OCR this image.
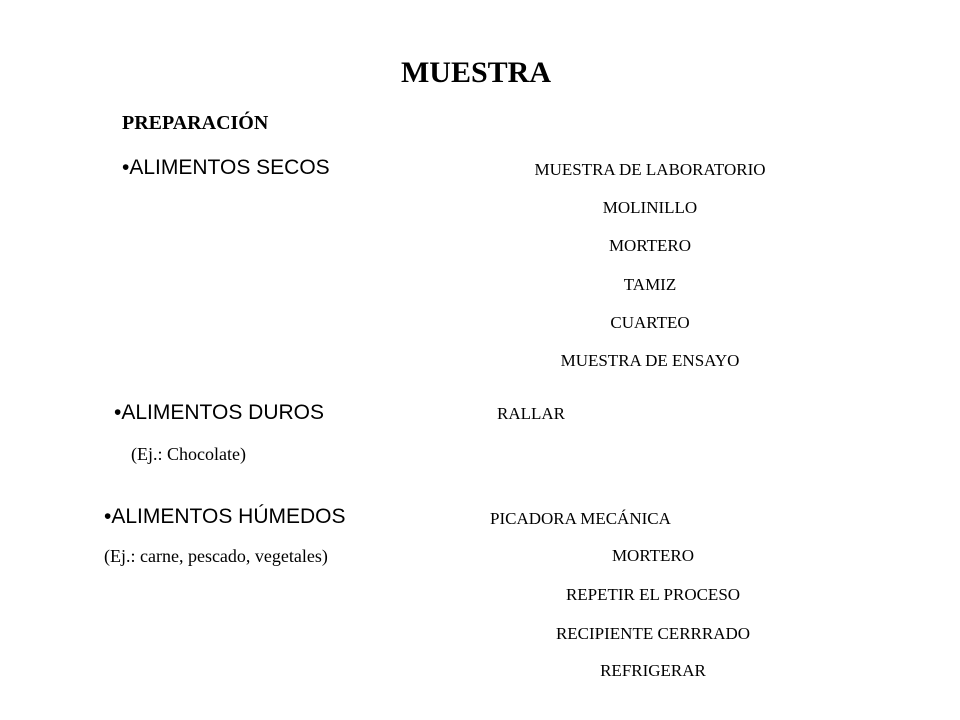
MUESTRA
PREPARACIÓN
•ALIMENTOS SECOS	MUESTRA DE LABORATORIO
MOLINILLO
MORTERO
TAMIZ
CUARTEO
MUESTRA DE ENSAYO
•ALIMENTOS DUROS	RALLAR
(Ej.: Chocolate)
•ALIMENTOS HÚMEDOS	PICADORA MECÁNICA
(Ej.: carne, pescado, vegetales)	MORTERO
REPETIR EL PROCESO
RECIPIENTE CERRRADO
REFRIGERAR
